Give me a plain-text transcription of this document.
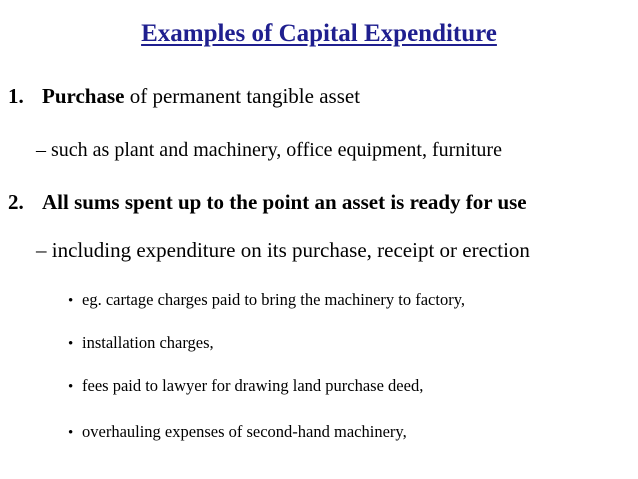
Examples of Capital Expenditure
1. Purchase of permanent tangible asset
– such as plant and machinery, office equipment, furniture
2. All sums spent up to the point an asset is ready for use
– including expenditure on its purchase, receipt or erection
• eg. cartage charges paid to bring the machinery to factory,
• installation charges,
• fees paid to lawyer for drawing land purchase deed,
• overhauling expenses of second-hand machinery,
